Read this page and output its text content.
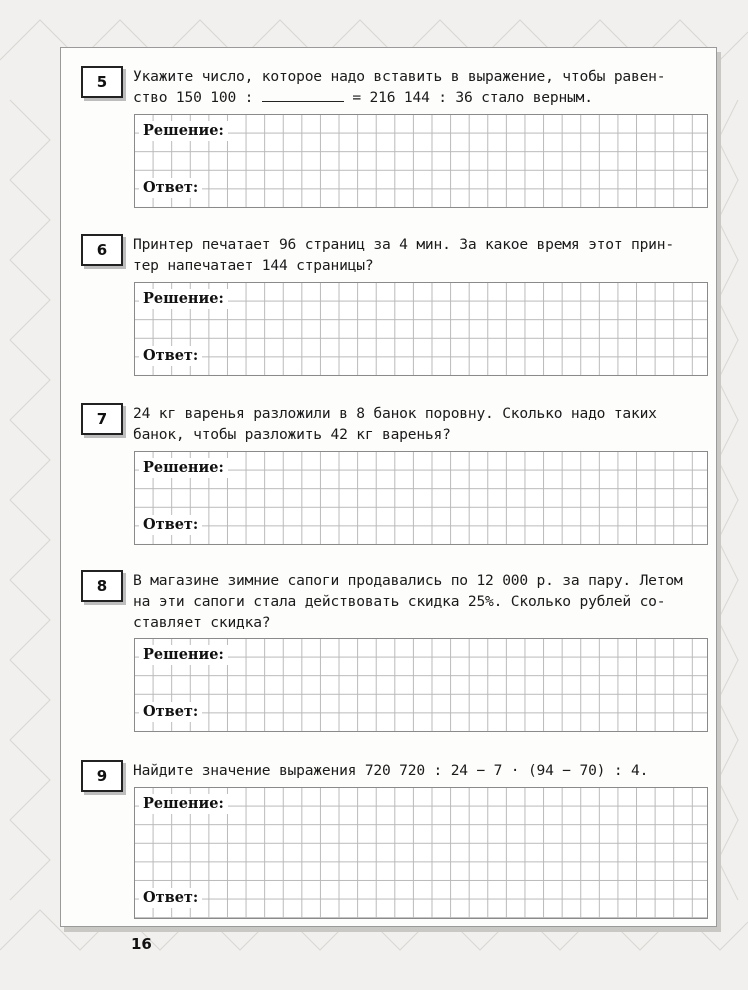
5	Укажите число, которое надо вставить в выражение, чтобы равен-
ство 150 100 :	= 216 144 : 36 стало верным.
Решение:
Ответ:
6	Принтер печатает 96 страниц за 4 мин. За какое время этот прин-
тер напечатает 144 страницы?
Решение:
Ответ:
7	24 кг варенья разложили в 8 банок поровну. Сколько надо таких
банок, чтобы разложить 42 кг варенья?
Решение:
Ответ:
8	В магазине зимние сапоги продавались по 12 000 р. за пару. Летом
на эти сапоги стала действовать скидка 25%. Сколько рублей со-
ставляет скидка?
Решение:
Ответ:
9	Найдите значение выражения 720 720 : 24 − 7 · (94 − 70) : 4.
Решение:
Ответ:
16
